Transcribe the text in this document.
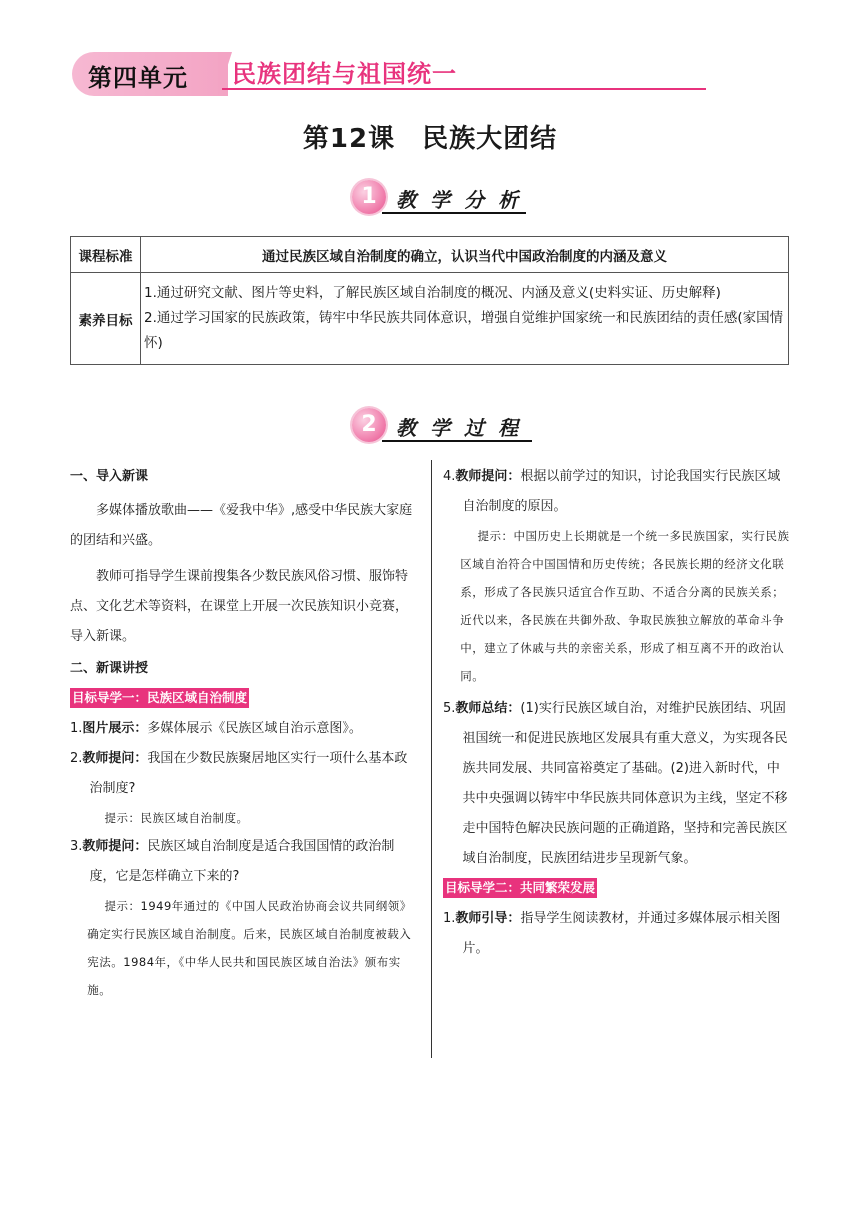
第四单元 民族团结与祖国统一
第12课　民族大团结
1 教学分析
课程标准	通过民族区域自治制度的确立，认识当代中国政治制度的内涵及意义
素养目标	1.通过研究文献、图片等史料，了解民族区域自治制度的概况、内涵及意义(史料实证、历史解释)
2.通过学习国家的民族政策，铸牢中华民族共同体意识，增强自觉维护国家统一和民族团结的责任感(家国情怀)
2 教学过程
一、导入新课
多媒体播放歌曲——《爱我中华》,感受中华民族大家庭的团结和兴盛。
教师可指导学生课前搜集各少数民族风俗习惯、服饰特点、文化艺术等资料，在课堂上开展一次民族知识小竞赛，导入新课。
二、新课讲授
目标导学一：民族区域自治制度
1.图片展示：多媒体展示《民族区域自治示意图》。
2.教师提问：我国在少数民族聚居地区实行一项什么基本政治制度?
提示：民族区域自治制度。
3.教师提问：民族区域自治制度是适合我国国情的政治制度，它是怎样确立下来的?
提示：1949年通过的《中国人民政治协商会议共同纲领》确定实行民族区域自治制度。后来，民族区域自治制度被载入宪法。1984年，《中华人民共和国民族区域自治法》颁布实施。
4.教师提问：根据以前学过的知识，讨论我国实行民族区域自治制度的原因。
提示：中国历史上长期就是一个统一多民族国家，实行民族区域自治符合中国国情和历史传统；各民族长期的经济文化联系，形成了各民族只适宜合作互助、不适合分离的民族关系；近代以来，各民族在共御外敌、争取民族独立解放的革命斗争中，建立了休戚与共的亲密关系，形成了相互离不开的政治认同。
5.教师总结：(1)实行民族区域自治，对维护民族团结、巩固祖国统一和促进民族地区发展具有重大意义，为实现各民族共同发展、共同富裕奠定了基础。(2)进入新时代，中共中央强调以铸牢中华民族共同体意识为主线，坚定不移走中国特色解决民族问题的正确道路，坚持和完善民族区域自治制度，民族团结进步呈现新气象。
目标导学二：共同繁荣发展
1.教师引导：指导学生阅读教材，并通过多媒体展示相关图片。
